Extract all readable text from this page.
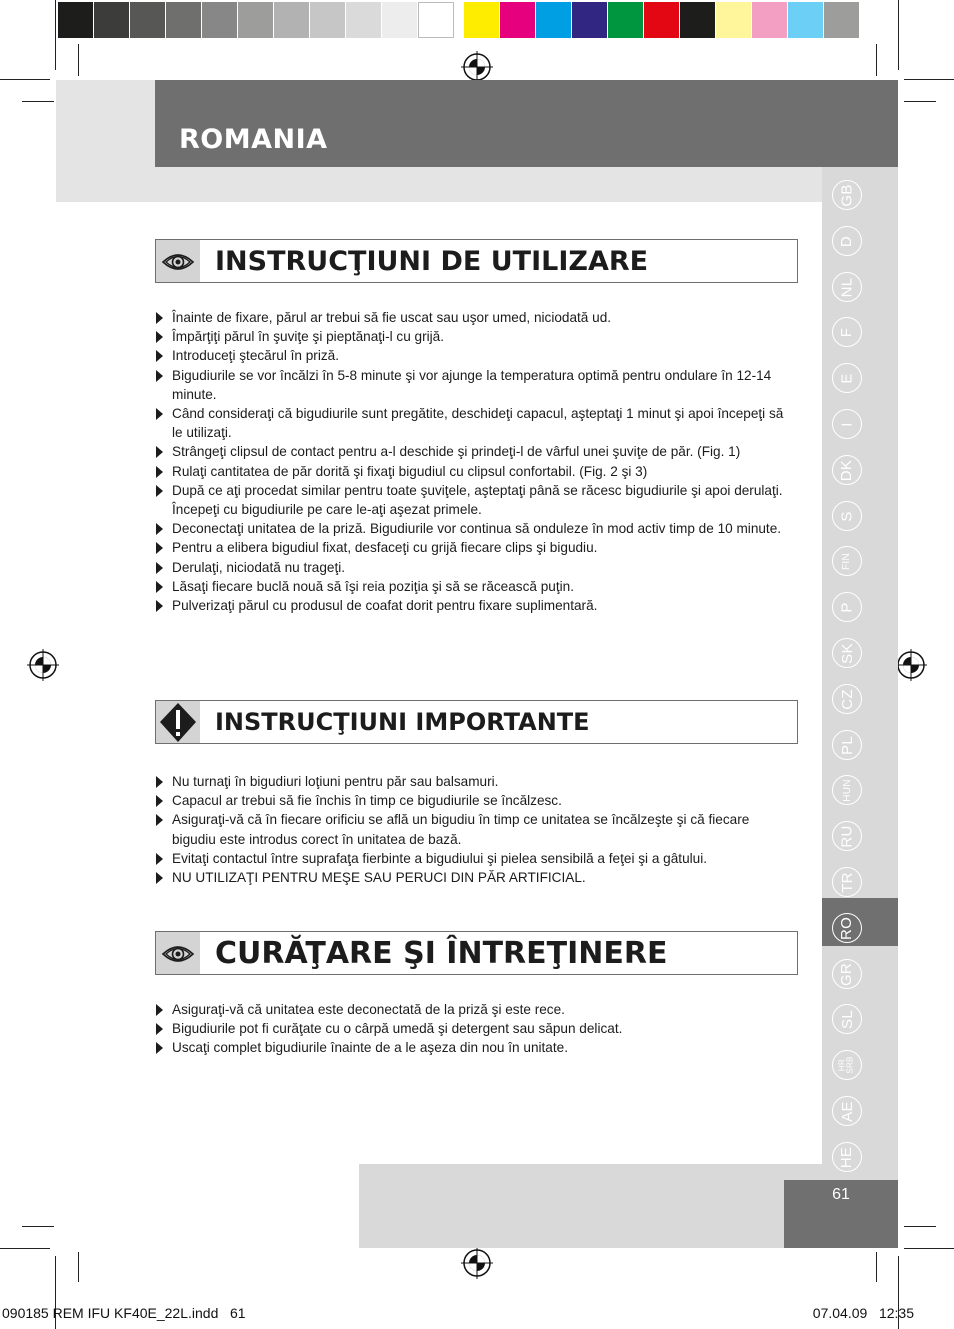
ROMANIA
61
GB
D
NL
F
E
I
DK
S
FIN
P
SK
CZ
PL
HUN
RU
TR
RO
GR
SL
HR
SRB
AE
HE
INSTRUCŢIUNI DE UTILIZARE
Înainte de fixare, părul ar trebui să fie uscat sau uşor umed, niciodată ud.
Împărţiţi părul în şuviţe şi pieptănaţi-l cu grijă.
Introduceţi ştecărul în priză.
Bigudiurile se vor încălzi în 5-8 minute şi vor ajunge la temperatura optimă pentru ondulare în 12-14 minute.
Când consideraţi că bigudiurile sunt pregătite, deschideţi capacul, aşteptaţi 1 minut şi apoi începeţi să le utilizaţi.
Strângeţi clipsul de contact pentru a-l deschide şi prindeţi-l de vârful unei şuviţe de păr. (Fig. 1)
Rulaţi cantitatea de păr dorită şi fixaţi bigudiul cu clipsul confortabil. (Fig. 2 şi 3)
După ce aţi procedat similar pentru toate şuviţele, aşteptaţi până se răcesc bigudiurile şi apoi derulaţi. Începeţi cu bigudiurile pe care le-aţi aşezat primele.
Deconectaţi unitatea de la priză. Bigudiurile vor continua să onduleze în mod activ timp de 10 minute.
Pentru a elibera bigudiul fixat, desfaceţi cu grijă fiecare clips şi bigudiu.
Derulaţi, niciodată nu trageţi.
Lăsaţi fiecare buclă nouă să îşi reia poziţia şi să se răcească puţin.
Pulverizaţi părul cu produsul de coafat dorit pentru fixare suplimentară.
INSTRUCŢIUNI IMPORTANTE
Nu turnaţi în bigudiuri loţiuni pentru păr sau balsamuri.
Capacul ar trebui să fie închis în timp ce bigudiurile se încălzesc.
Asiguraţi-vă că în fiecare orificiu se află un bigudiu în timp ce unitatea se încălzeşte şi că fiecare bigudiu este introdus corect în unitatea de bază.
Evitaţi contactul între suprafaţa fierbinte a bigudiului şi pielea sensibilă a feţei şi a gâtului.
NU UTILIZAŢI PENTRU MEŞE SAU PERUCI DIN PĂR ARTIFICIAL.
CURĂŢARE ŞI ÎNTREŢINERE
Asiguraţi-vă că unitatea este deconectată de la priză şi este rece.
Bigudiurile pot fi curăţate cu o cârpă umedă şi detergent sau săpun delicat.
Uscaţi complet bigudiurile înainte de a le aşeza din nou în unitate.
090185 REM IFU KF40E_22L.indd   61	07.04.09   12:35
